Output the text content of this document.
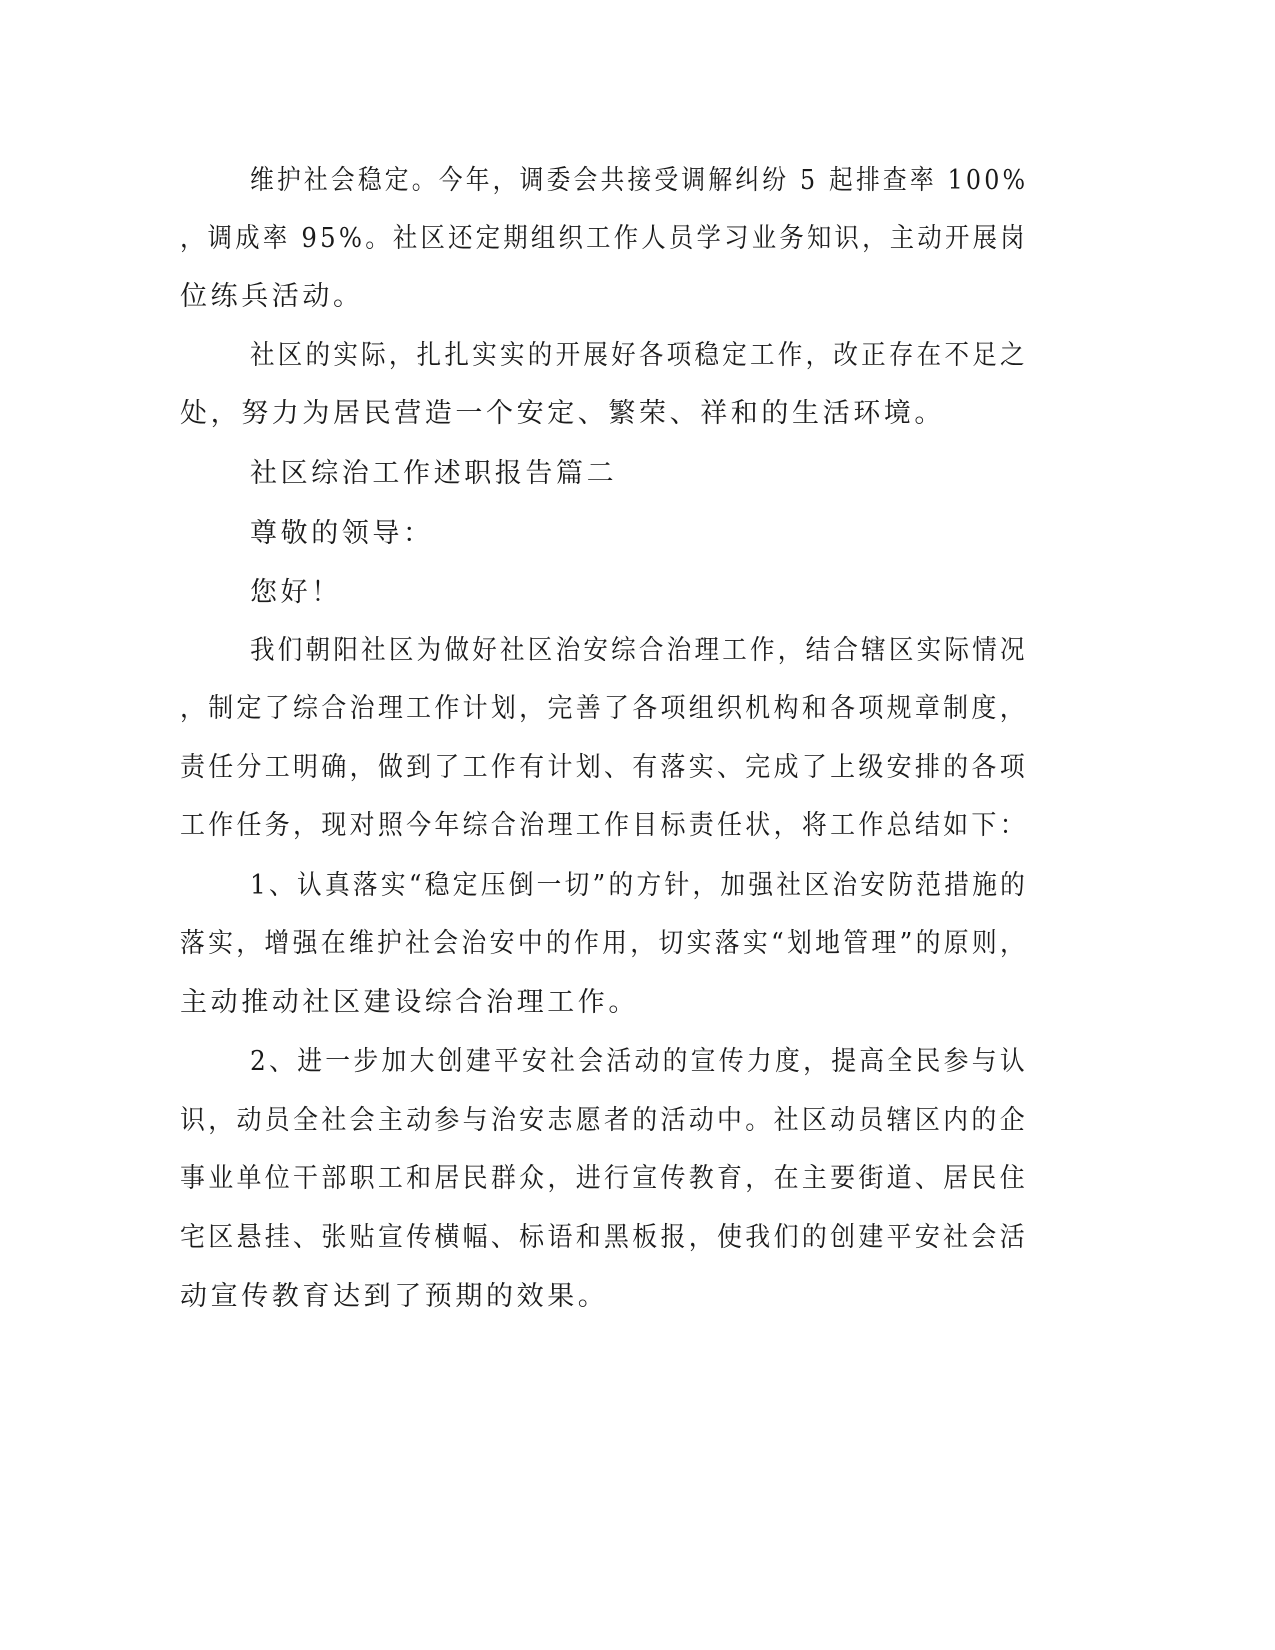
维护社会稳定。今年，调委会共接受调解纠纷 5 起排查率 100%

，调成率 95%。社区还定期组织工作人员学习业务知识，主动开展岗

位练兵活动。

社区的实际，扎扎实实的开展好各项稳定工作，改正存在不足之

处，努力为居民营造一个安定、繁荣、祥和的生活环境。

社区综治工作述职报告篇二

尊敬的领导：

您好！

我们朝阳社区为做好社区治安综合治理工作，结合辖区实际情况

，制定了综合治理工作计划，完善了各项组织机构和各项规章制度，

责任分工明确，做到了工作有计划、有落实、完成了上级安排的各项

工作任务，现对照今年综合治理工作目标责任状，将工作总结如下：

1、认真落实“稳定压倒一切”的方针，加强社区治安防范措施的

落实，增强在维护社会治安中的作用，切实落实“划地管理”的原则，

主动推动社区建设综合治理工作。

2、进一步加大创建平安社会活动的宣传力度，提高全民参与认

识，动员全社会主动参与治安志愿者的活动中。社区动员辖区内的企

事业单位干部职工和居民群众，进行宣传教育，在主要街道、居民住

宅区悬挂、张贴宣传横幅、标语和黑板报，使我们的创建平安社会活

动宣传教育达到了预期的效果。
